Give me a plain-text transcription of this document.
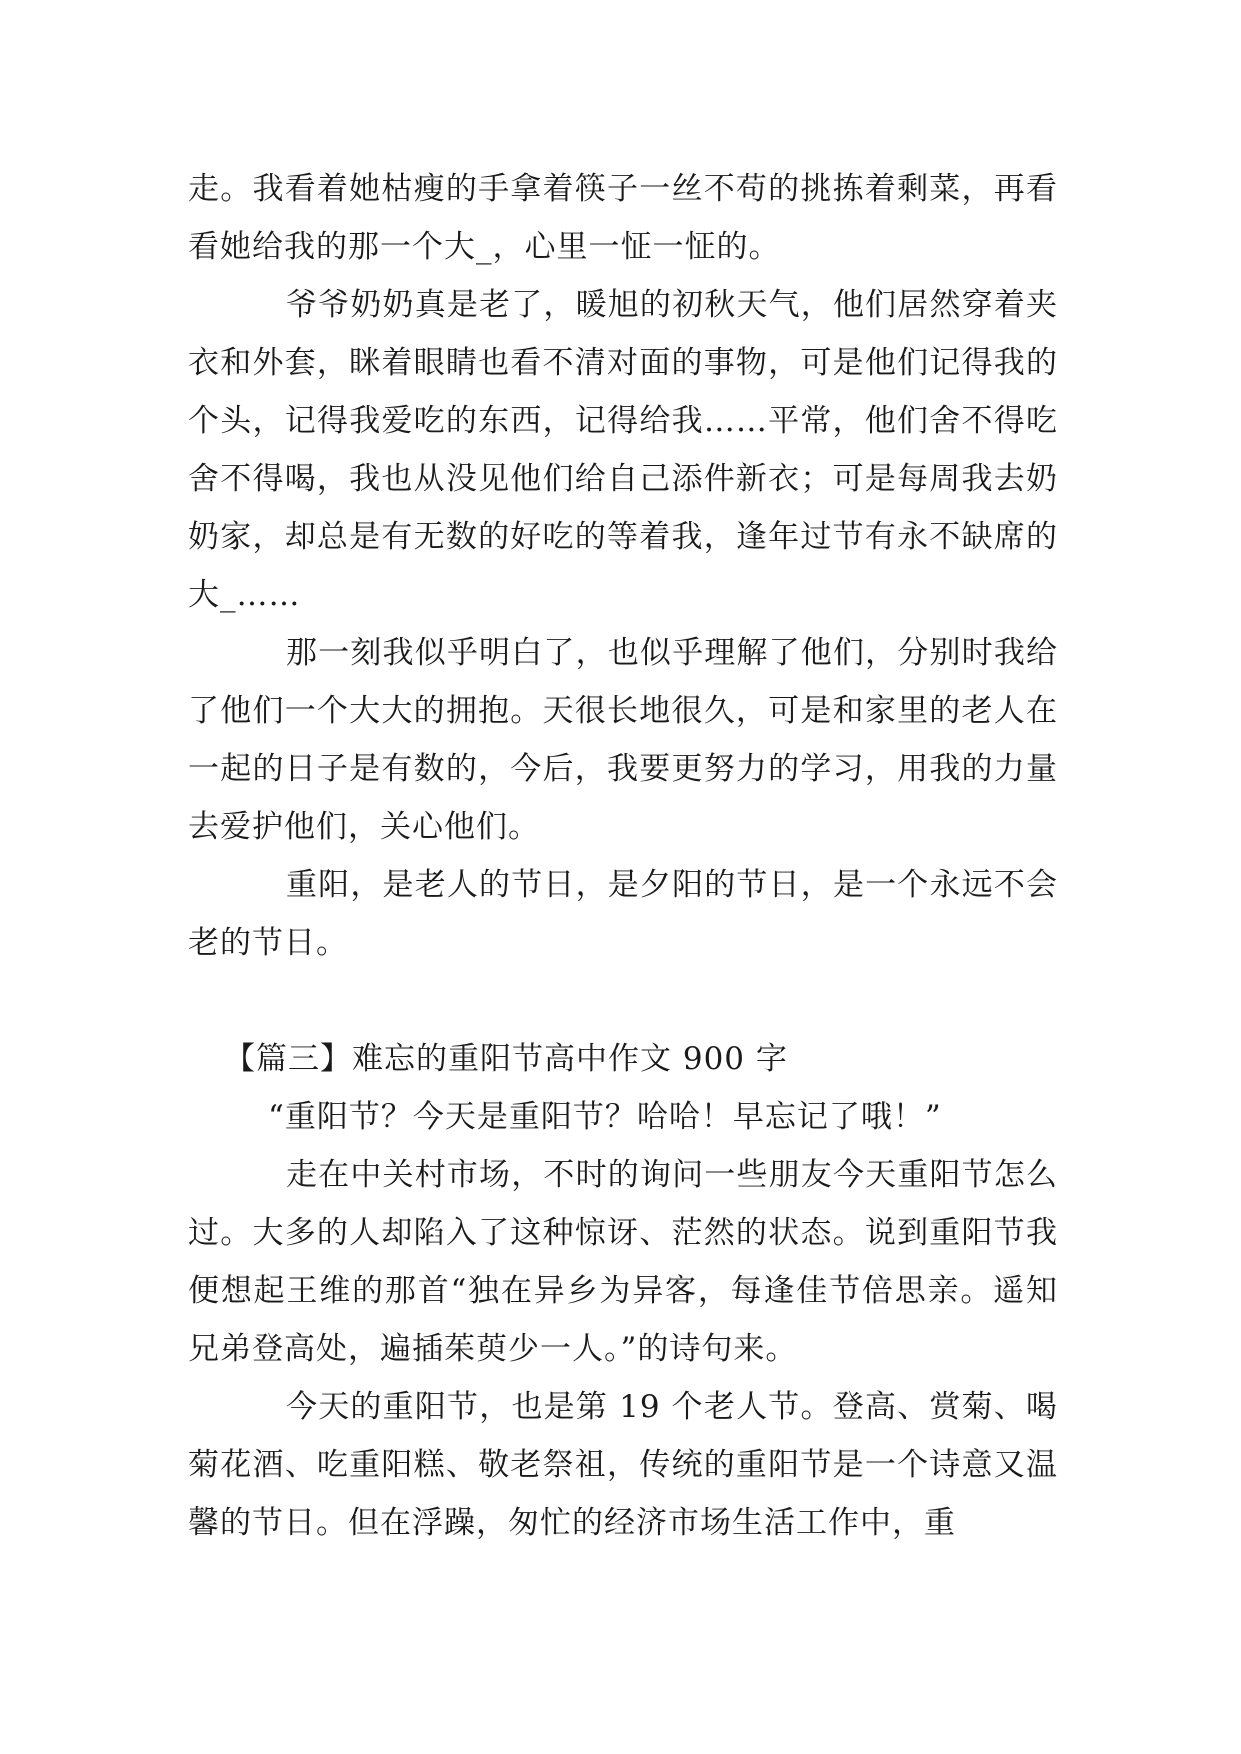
走。我看着她枯瘦的手拿着筷子一丝不苟的挑拣着剩菜，再看看她给我的那一个大_，心里一怔一怔的。

爷爷奶奶真是老了，暖旭的初秋天气，他们居然穿着夹衣和外套，眯着眼睛也看不清对面的事物，可是他们记得我的个头，记得我爱吃的东西，记得给我……平常，他们舍不得吃舍不得喝，我也从没见他们给自己添件新衣；可是每周我去奶奶家，却总是有无数的好吃的等着我，逢年过节有永不缺席的大_……

那一刻我似乎明白了，也似乎理解了他们，分别时我给了他们一个大大的拥抱。天很长地很久，可是和家里的老人在一起的日子是有数的，今后，我要更努力的学习，用我的力量去爱护他们，关心他们。

重阳，是老人的节日，是夕阳的节日，是一个永远不会老的节日。

【篇三】难忘的重阳节高中作文 900 字

“重阳节？今天是重阳节？哈哈！早忘记了哦！”

走在中关村市场，不时的询问一些朋友今天重阳节怎么过。大多的人却陷入了这种惊讶、茫然的状态。说到重阳节我便想起王维的那首“独在异乡为异客，每逢佳节倍思亲。遥知兄弟登高处，遍插茱萸少一人。”的诗句来。

今天的重阳节，也是第 19 个老人节。登高、赏菊、喝菊花酒、吃重阳糕、敬老祭祖，传统的重阳节是一个诗意又温馨的节日。但在浮躁，匆忙的经济市场生活工作中，重
